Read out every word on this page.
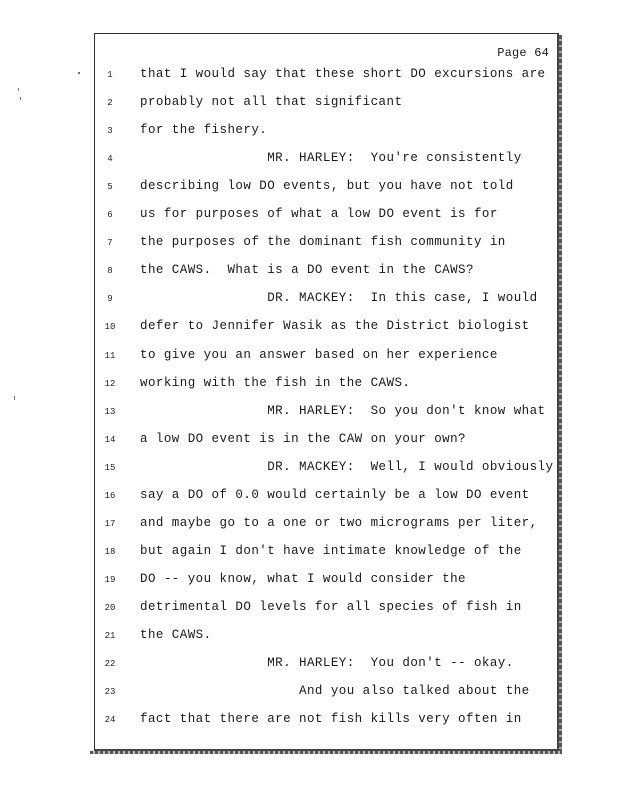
Page 64
1	that I would say that these short DO excursions are
2	probably not all that significant
3	for the fishery.
4	MR. HARLEY:  You're consistently
5	describing low DO events, but you have not told
6	us for purposes of what a low DO event is for
7	the purposes of the dominant fish community in
8	the CAWS.  What is a DO event in the CAWS?
9	DR. MACKEY:  In this case, I would
10 defer to Jennifer Wasik as the District biologist
11 to give you an answer based on her experience
12 working with the fish in the CAWS.
13 MR. HARLEY:  So you don't know what
14 a low DO event is in the CAW on your own?
15 DR. MACKEY:  Well, I would obviously
16 say a DO of 0.0 would certainly be a low DO event
17 and maybe go to a one or two micrograms per liter,
18 but again I don't have intimate knowledge of the
19 DO -- you know, what I would consider the
20 detrimental DO levels for all species of fish in
21 the CAWS.
22 MR. HARLEY:  You don't -- okay.
23 And you also talked about the
24 fact that there are not fish kills very often in
